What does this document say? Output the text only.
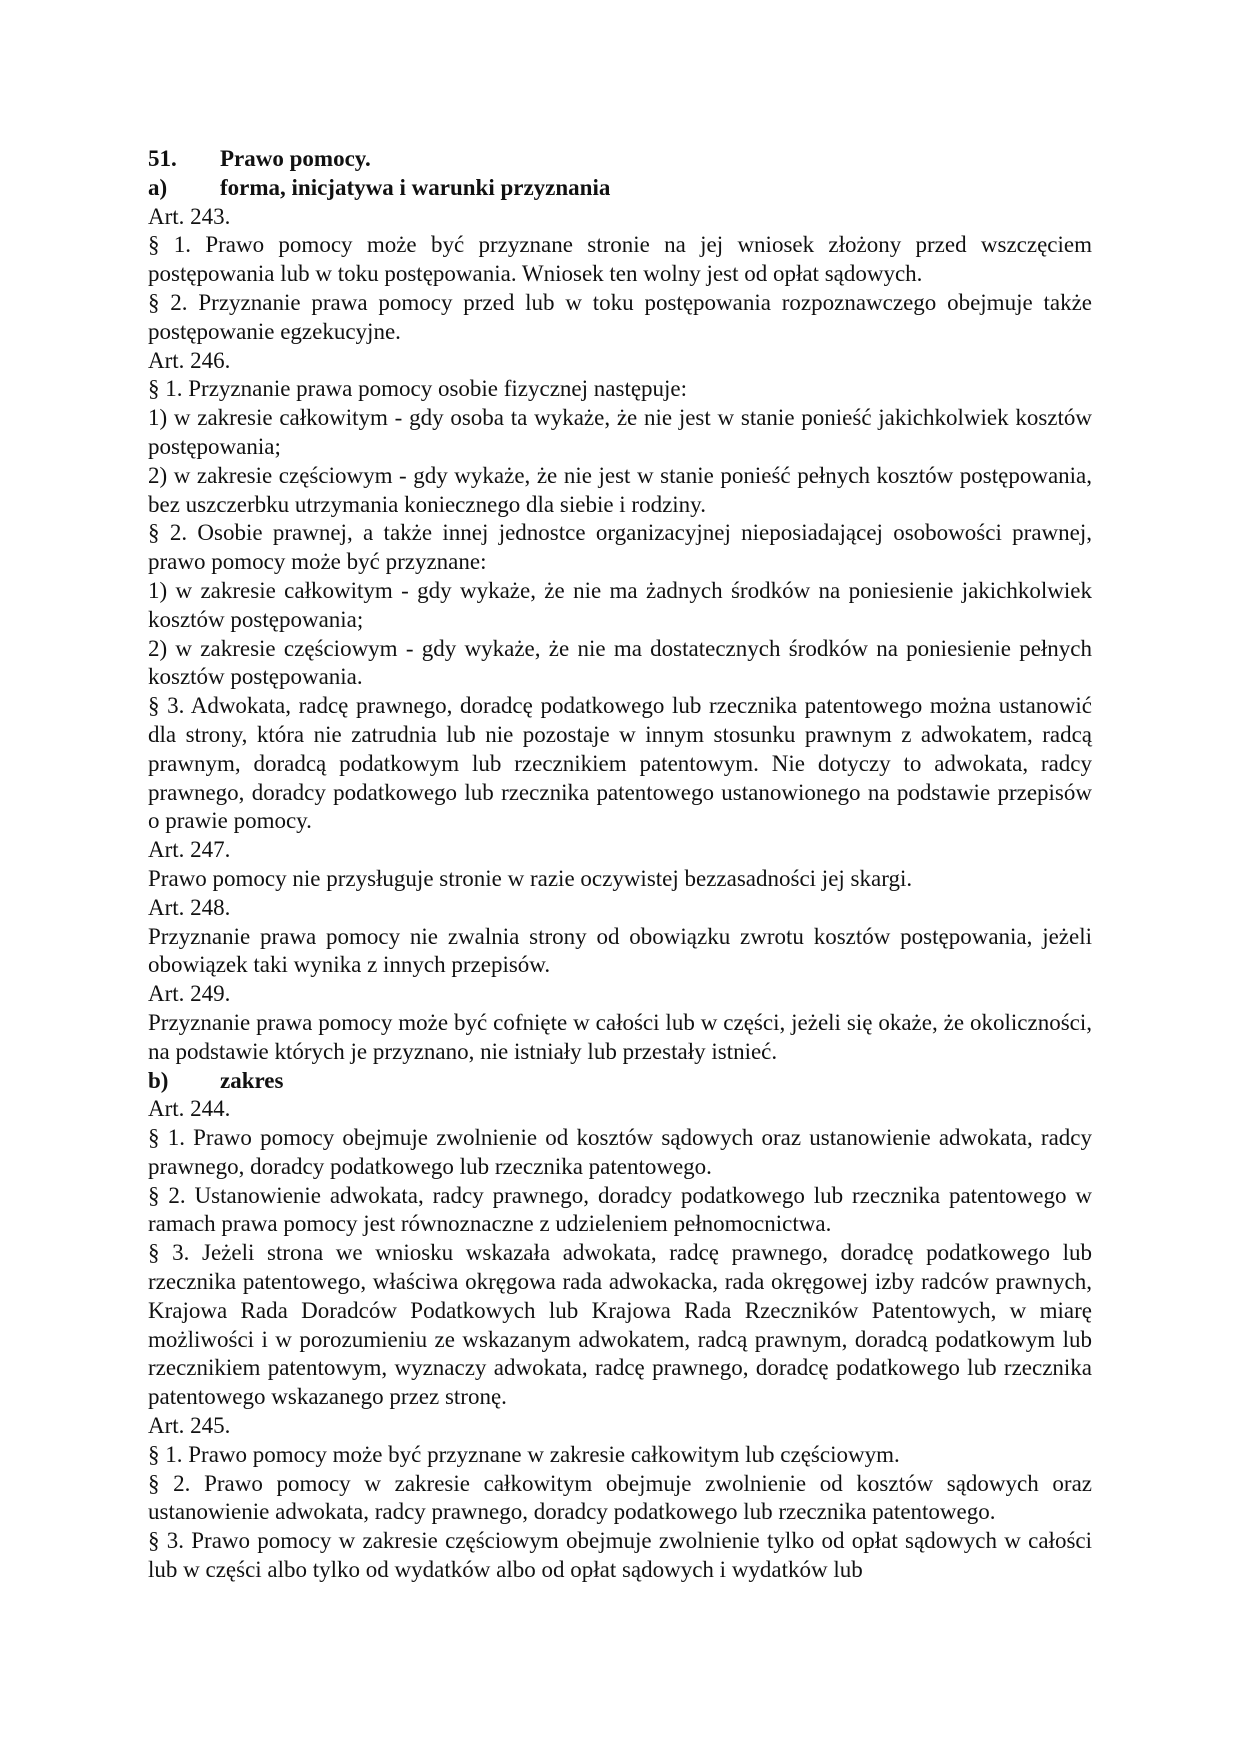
51.	Prawo pomocy.
a)	forma, inicjatywa i warunki przyznania
Art. 243.
§ 1. Prawo pomocy może być przyznane stronie na jej wniosek złożony przed wszczęciem postępowania lub w toku postępowania. Wniosek ten wolny jest od opłat sądowych.
§ 2. Przyznanie prawa pomocy przed lub w toku postępowania rozpoznawczego obejmuje także postępowanie egzekucyjne.
Art. 246.
§ 1. Przyznanie prawa pomocy osobie fizycznej następuje:
1) w zakresie całkowitym - gdy osoba ta wykaże, że nie jest w stanie ponieść jakichkolwiek kosztów postępowania;
2) w zakresie częściowym - gdy wykaże, że nie jest w stanie ponieść pełnych kosztów postępowania, bez uszczerbku utrzymania koniecznego dla siebie i rodziny.
§ 2. Osobie prawnej, a także innej jednostce organizacyjnej nieposiadającej osobowości prawnej, prawo pomocy może być przyznane:
1) w zakresie całkowitym - gdy wykaże, że nie ma żadnych środków na poniesienie jakichkolwiek kosztów postępowania;
2) w zakresie częściowym - gdy wykaże, że nie ma dostatecznych środków na poniesienie pełnych kosztów postępowania.
§ 3. Adwokata, radcę prawnego, doradcę podatkowego lub rzecznika patentowego można ustanowić dla strony, która nie zatrudnia lub nie pozostaje w innym stosunku prawnym z adwokatem, radcą prawnym, doradcą podatkowym lub rzecznikiem patentowym. Nie dotyczy to adwokata, radcy prawnego, doradcy podatkowego lub rzecznika patentowego ustanowionego na podstawie przepisów o prawie pomocy.
Art. 247.
Prawo pomocy nie przysługuje stronie w razie oczywistej bezzasadności jej skargi.
Art. 248.
Przyznanie prawa pomocy nie zwalnia strony od obowiązku zwrotu kosztów postępowania, jeżeli obowiązek taki wynika z innych przepisów.
Art. 249.
Przyznanie prawa pomocy może być cofnięte w całości lub w części, jeżeli się okaże, że okoliczności, na podstawie których je przyznano, nie istniały lub przestały istnieć.
b)	zakres
Art. 244.
§ 1. Prawo pomocy obejmuje zwolnienie od kosztów sądowych oraz ustanowienie adwokata, radcy prawnego, doradcy podatkowego lub rzecznika patentowego.
§ 2. Ustanowienie adwokata, radcy prawnego, doradcy podatkowego lub rzecznika patentowego w ramach prawa pomocy jest równoznaczne z udzieleniem pełnomocnictwa.
§ 3. Jeżeli strona we wniosku wskazała adwokata, radcę prawnego, doradcę podatkowego lub rzecznika patentowego, właściwa okręgowa rada adwokacka, rada okręgowej izby radców prawnych, Krajowa Rada Doradców Podatkowych lub Krajowa Rada Rzeczników Patentowych, w miarę możliwości i w porozumieniu ze wskazanym adwokatem, radcą prawnym, doradcą podatkowym lub rzecznikiem patentowym, wyznaczy adwokata, radcę prawnego, doradcę podatkowego lub rzecznika patentowego wskazanego przez stronę.
Art. 245.
§ 1. Prawo pomocy może być przyznane w zakresie całkowitym lub częściowym.
§ 2. Prawo pomocy w zakresie całkowitym obejmuje zwolnienie od kosztów sądowych oraz ustanowienie adwokata, radcy prawnego, doradcy podatkowego lub rzecznika patentowego.
§ 3. Prawo pomocy w zakresie częściowym obejmuje zwolnienie tylko od opłat sądowych w całości lub w części albo tylko od wydatków albo od opłat sądowych i wydatków lub
